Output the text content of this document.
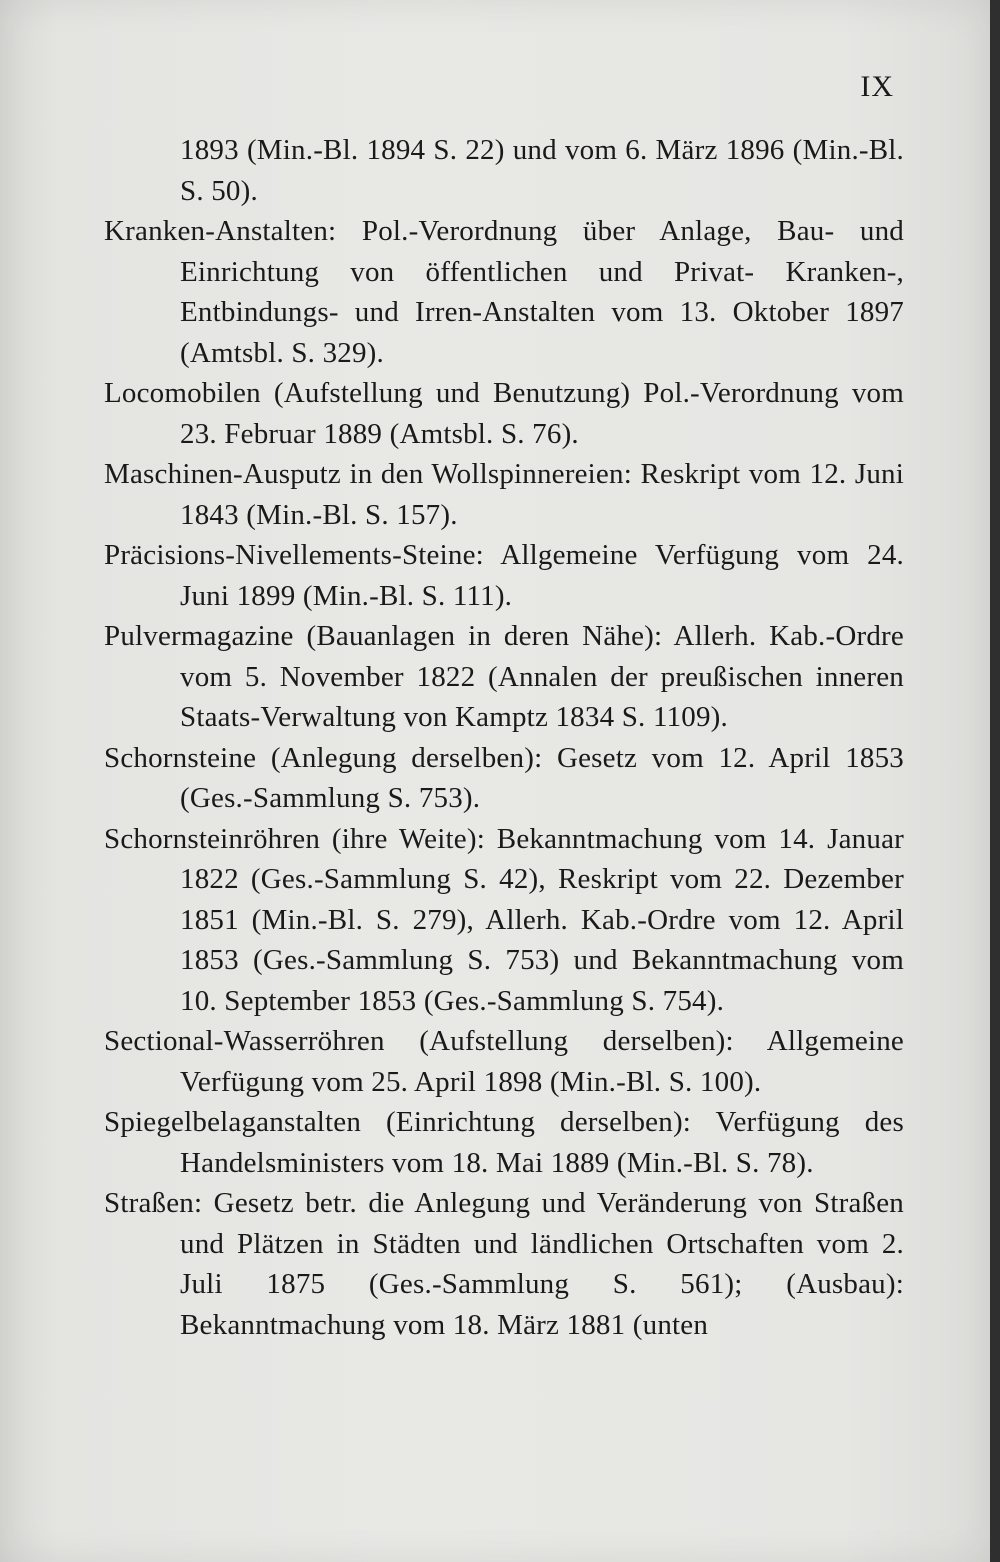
IX

1893 (Min.-Bl. 1894 S. 22) und vom 6. März 1896 (Min.-Bl. S. 50).

Kranken-Anstalten: Pol.-Verordnung über Anlage, Bau- und Einrichtung von öffentlichen und Privat- Kranken-, Entbindungs- und Irren-Anstalten vom 13. Oktober 1897 (Amtsbl. S. 329).

Locomobilen (Aufstellung und Benutzung) Pol.-Verordnung vom 23. Februar 1889 (Amtsbl. S. 76).

Maschinen-Ausputz in den Wollspinnereien: Reskript vom 12. Juni 1843 (Min.-Bl. S. 157).

Präcisions-Nivellements-Steine: Allgemeine Verfügung vom 24. Juni 1899 (Min.-Bl. S. 111).

Pulvermagazine (Bauanlagen in deren Nähe): Allerh. Kab.-Ordre vom 5. November 1822 (Annalen der preußischen inneren Staats-Verwaltung von Kamptz 1834 S. 1109).

Schornsteine (Anlegung derselben): Gesetz vom 12. April 1853 (Ges.-Sammlung S. 753).

Schornsteinröhren (ihre Weite): Bekanntmachung vom 14. Januar 1822 (Ges.-Sammlung S. 42), Reskript vom 22. Dezember 1851 (Min.-Bl. S. 279), Allerh. Kab.-Ordre vom 12. April 1853 (Ges.-Sammlung S. 753) und Bekanntmachung vom 10. September 1853 (Ges.-Sammlung S. 754).

Sectional-Wasserröhren (Aufstellung derselben): Allgemeine Verfügung vom 25. April 1898 (Min.-Bl. S. 100).

Spiegelbelaganstalten (Einrichtung derselben): Verfügung des Handelsministers vom 18. Mai 1889 (Min.-Bl. S. 78).

Straßen: Gesetz betr. die Anlegung und Veränderung von Straßen und Plätzen in Städten und ländlichen Ortschaften vom 2. Juli 1875 (Ges.-Sammlung S. 561); (Ausbau): Bekanntmachung vom 18. März 1881 (unten
